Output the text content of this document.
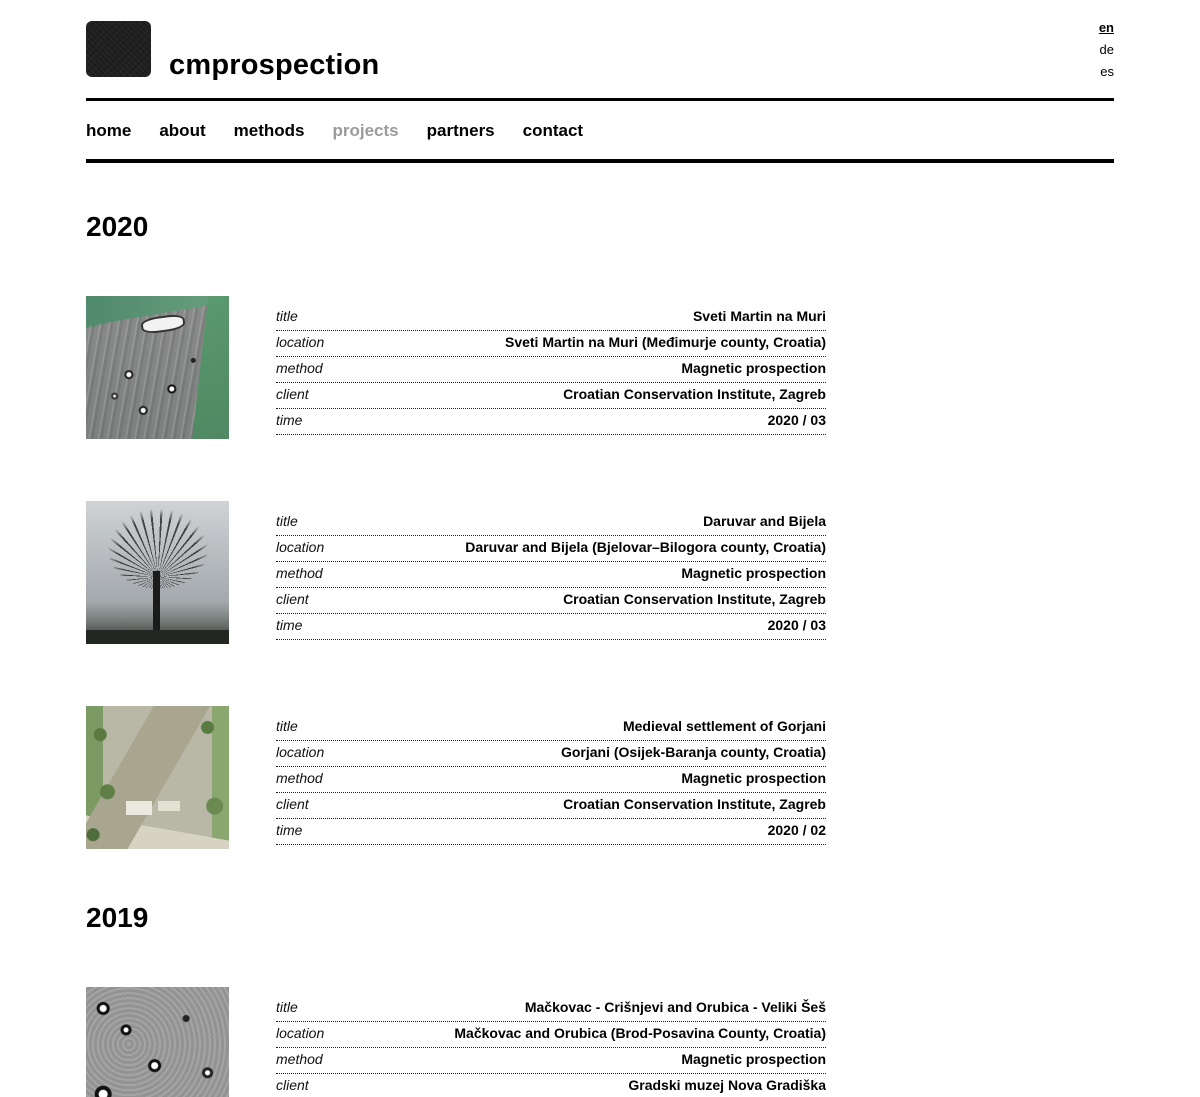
cmprospection
en
de
es
home about methods projects partners contact
2020
title	Sveti Martin na Muri
location	Sveti Martin na Muri (Međimurje county, Croatia)
method	Magnetic prospection
client	Croatian Conservation Institute, Zagreb
time	2020 / 03
title	Daruvar and Bijela
location	Daruvar and Bijela (Bjelovar–Bilogora county, Croatia)
method	Magnetic prospection
client	Croatian Conservation Institute, Zagreb
time	2020 / 03
title	Medieval settlement of Gorjani
location	Gorjani (Osijek-Baranja county, Croatia)
method	Magnetic prospection
client	Croatian Conservation Institute, Zagreb
time	2020 / 02
2019
title	Mačkovac - Crišnjevi and Orubica - Veliki Šeš
location	Mačkovac and Orubica (Brod-Posavina County, Croatia)
method	Magnetic prospection
client	Gradski muzej Nova Gradiška
